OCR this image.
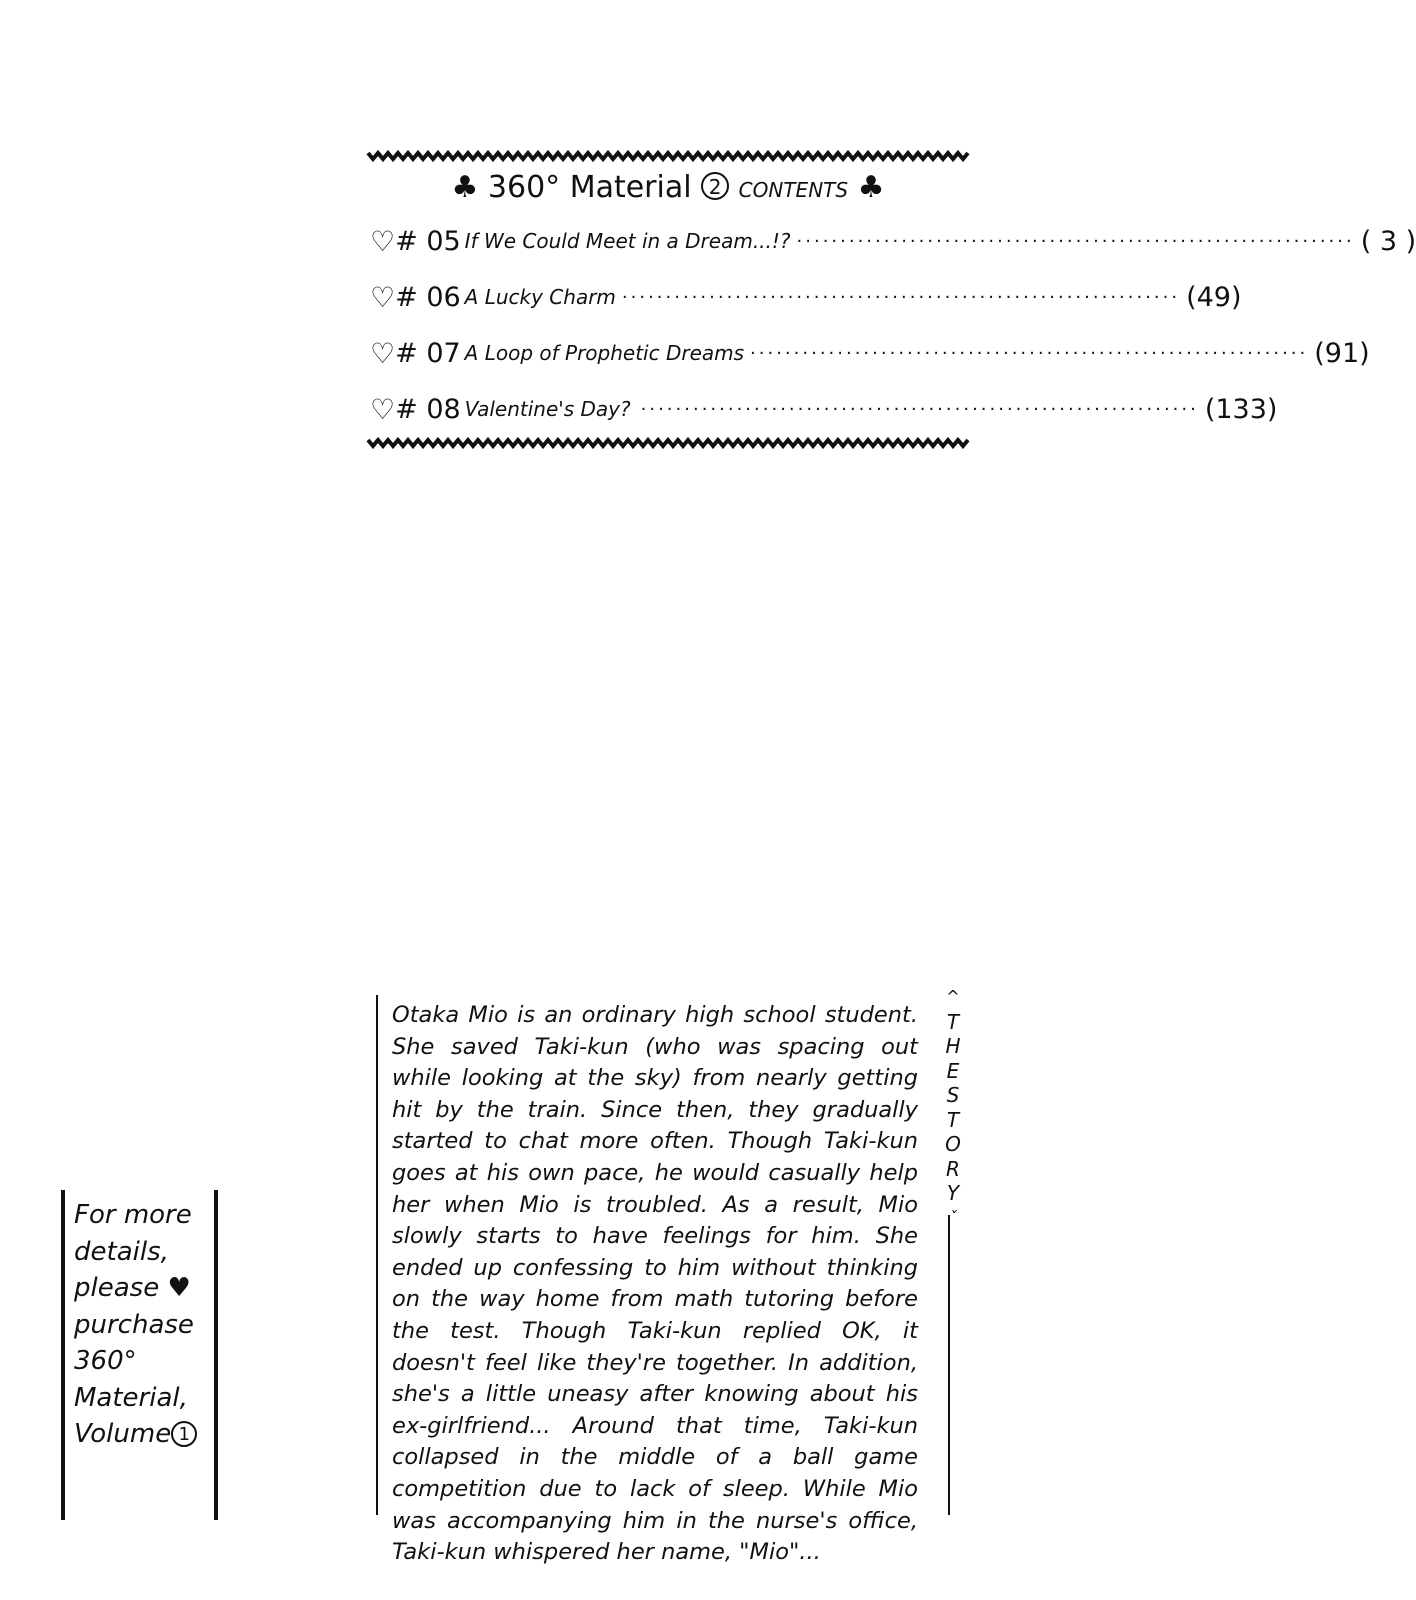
♣ 360° Material 2 CONTENTS ♣
♡ # 05 If We Could Meet in a Dream...!? ································································ ( 3 )
♡ # 06 A Lucky Charm ································································ (49)
♡ # 07 A Loop of Prophetic Dreams ································································ (91)
♡ # 08 Valentine's Day? ································································ (133)

Otaka Mio is an ordinary high school student. She saved Taki-kun (who was spacing out while looking at the sky) from nearly getting hit by the train. Since then, they gradually started to chat more often. Though Taki-kun goes at his own pace, he would casually help her when Mio is troubled. As a result, Mio slowly starts to have feelings for him. She ended up confessing to him without thinking on the way home from math tutoring before the test. Though Taki-kun replied OK, it doesn't feel like they're together. In addition, she's a little uneasy after knowing about his ex-girlfriend... Around that time, Taki-kun collapsed in the middle of a ball game competition due to lack of sleep. While Mio was accompanying him in the nurse's office, Taki-kun whispered her name, "Mio"...

^
T
H
E
S
T
O
R
Y
ˇ

For more details, please ♥ purchase 360° Material, Volume 1
